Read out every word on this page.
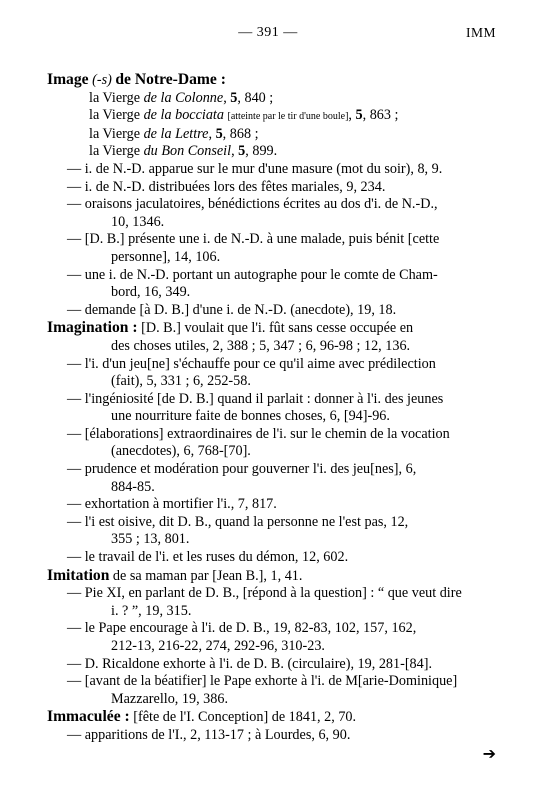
— 391 —	IMM
Image (-s) de Notre-Dame :
la Vierge de la Colonne, 5, 840 ;
la Vierge de la bocciata [atteinte par le tir d'une boule], 5, 863 ;
la Vierge de la Lettre, 5, 868 ;
la Vierge du Bon Conseil, 5, 899.
— i. de N.-D. apparue sur le mur d'une masure (mot du soir), 8, 9.
— i. de N.-D. distribuées lors des fêtes mariales, 9, 234.
— oraisons jaculatoires, bénédictions écrites au dos d'i. de N.-D.,
10, 1346.
— [D. B.] présente une i. de N.-D. à une malade, puis bénit [cette
personne], 14, 106.
— une i. de N.-D. portant un autographe pour le comte de Cham-
bord, 16, 349.
— demande [à D. B.] d'une i. de N.-D. (anecdote), 19, 18.
Imagination : [D. B.] voulait que l'i. fût sans cesse occupée en
des choses utiles, 2, 388 ; 5, 347 ; 6, 96-98 ; 12, 136.
— l'i. d'un jeu[ne] s'échauffe pour ce qu'il aime avec prédilection
(fait), 5, 331 ; 6, 252-58.
— l'ingéniosité [de D. B.] quand il parlait : donner à l'i. des jeunes
une nourriture faite de bonnes choses, 6, [94]-96.
— [élaborations] extraordinaires de l'i. sur le chemin de la vocation
(anecdotes), 6, 768-[70].
— prudence et modération pour gouverner l'i. des jeu[nes], 6,
884-85.
— exhortation à mortifier l'i., 7, 817.
— l'i est oisive, dit D. B., quand la personne ne l'est pas, 12,
355 ; 13, 801.
— le travail de l'i. et les ruses du démon, 12, 602.
Imitation de sa maman par [Jean B.], 1, 41.
— Pie XI, en parlant de D. B., [répond à la question] : “ que veut dire
i. ? ”, 19, 315.
— le Pape encourage à l'i. de D. B., 19, 82-83, 102, 157, 162,
212-13, 216-22, 274, 292-96, 310-23.
— D. Ricaldone exhorte à l'i. de D. B. (circulaire), 19, 281-[84].
— [avant de la béatifier] le Pape exhorte à l'i. de M[arie-Dominique]
Mazzarello, 19, 386.
Immaculée : [fête de l'I. Conception] de 1841, 2, 70.
— apparitions de l'I., 2, 113-17 ; à Lourdes, 6, 90.
➔
